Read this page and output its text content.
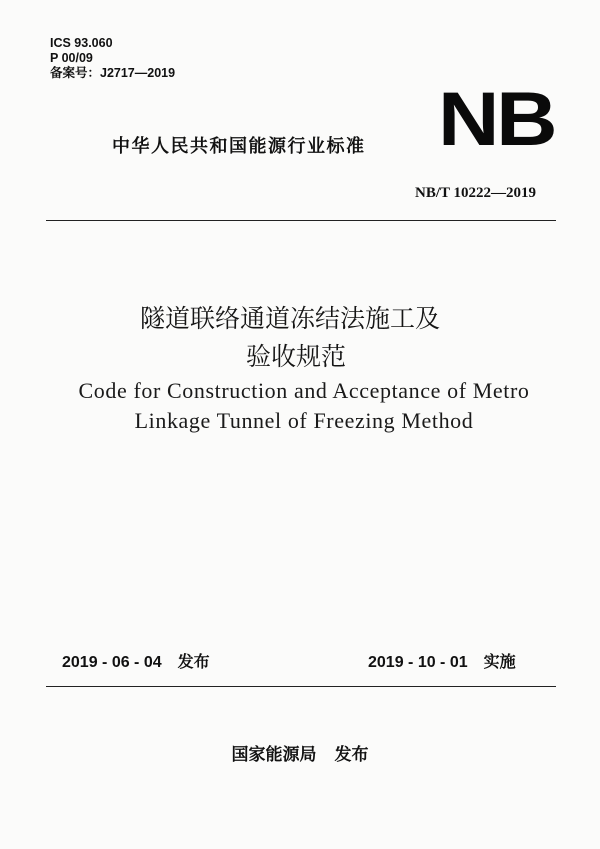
ICS 93.060
P 00/09
备案号：J2717—2019
NB
中华人民共和国能源行业标准
NB/T 10222—2019
隧道联络通道冻结法施工及
验收规范
Code for Construction and Acceptance of Metro
Linkage Tunnel of Freezing Method
2019 - 06 - 04 发布	2019 - 10 - 01 实施
国家能源局 发布
